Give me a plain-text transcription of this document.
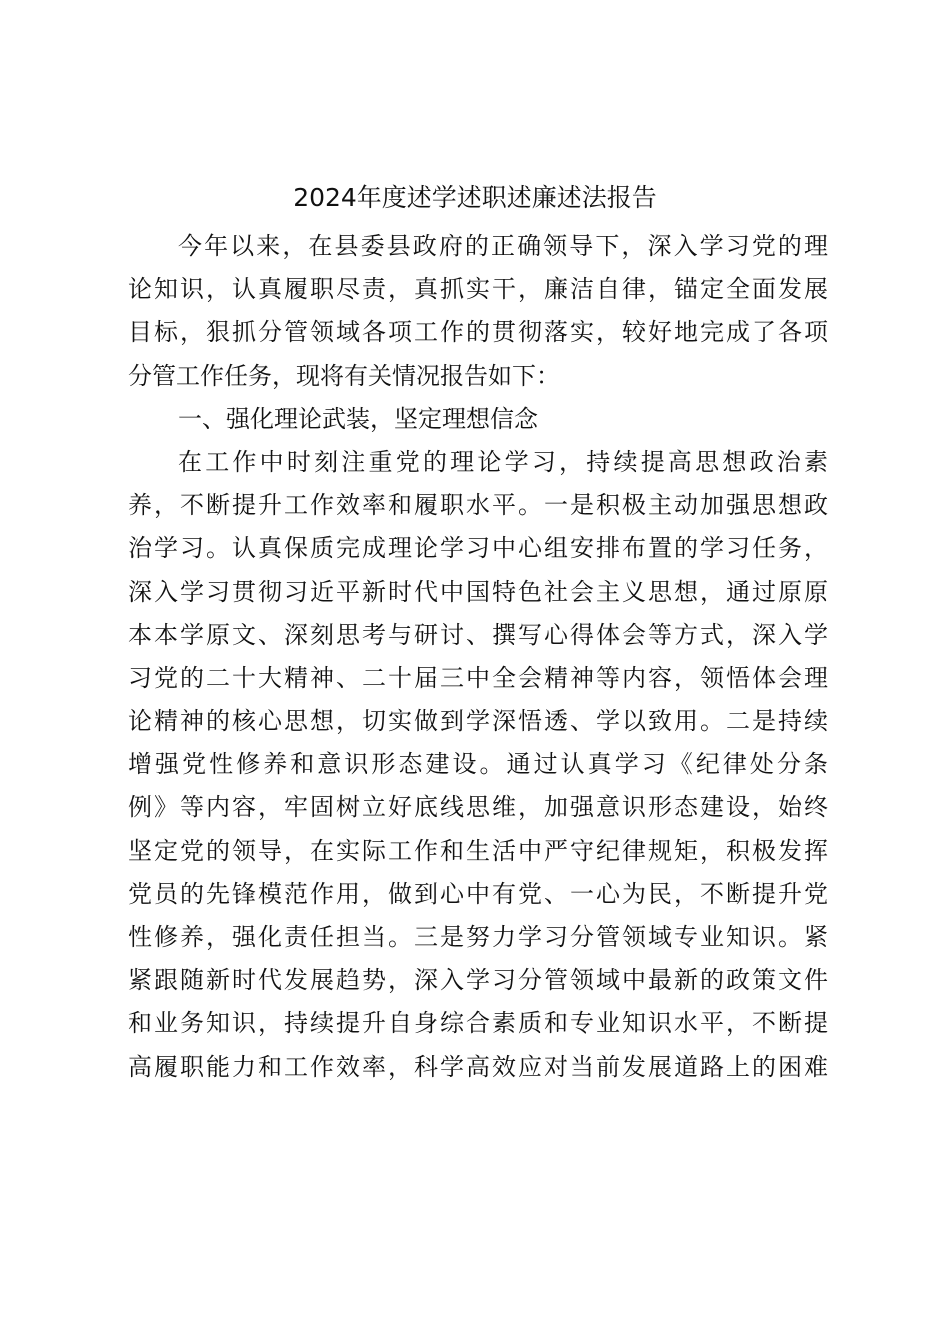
2024年度述学述职述廉述法报告
今年以来，在县委县政府的正确领导下，深入学习党的理
论知识，认真履职尽责，真抓实干，廉洁自律，锚定全面发展
目标，狠抓分管领域各项工作的贯彻落实，较好地完成了各项
分管工作任务，现将有关情况报告如下：
一、强化理论武装，坚定理想信念
在工作中时刻注重党的理论学习，持续提高思想政治素
养，不断提升工作效率和履职水平。一是积极主动加强思想政
治学习。认真保质完成理论学习中心组安排布置的学习任务，
深入学习贯彻习近平新时代中国特色社会主义思想，通过原原
本本学原文、深刻思考与研讨、撰写心得体会等方式，深入学
习党的二十大精神、二十届三中全会精神等内容，领悟体会理
论精神的核心思想，切实做到学深悟透、学以致用。二是持续
增强党性修养和意识形态建设。通过认真学习《纪律处分条
例》等内容，牢固树立好底线思维，加强意识形态建设，始终
坚定党的领导，在实际工作和生活中严守纪律规矩，积极发挥
党员的先锋模范作用，做到心中有党、一心为民，不断提升党
性修养，强化责任担当。三是努力学习分管领域专业知识。紧
紧跟随新时代发展趋势，深入学习分管领域中最新的政策文件
和业务知识，持续提升自身综合素质和专业知识水平，不断提
高履职能力和工作效率，科学高效应对当前发展道路上的困难
